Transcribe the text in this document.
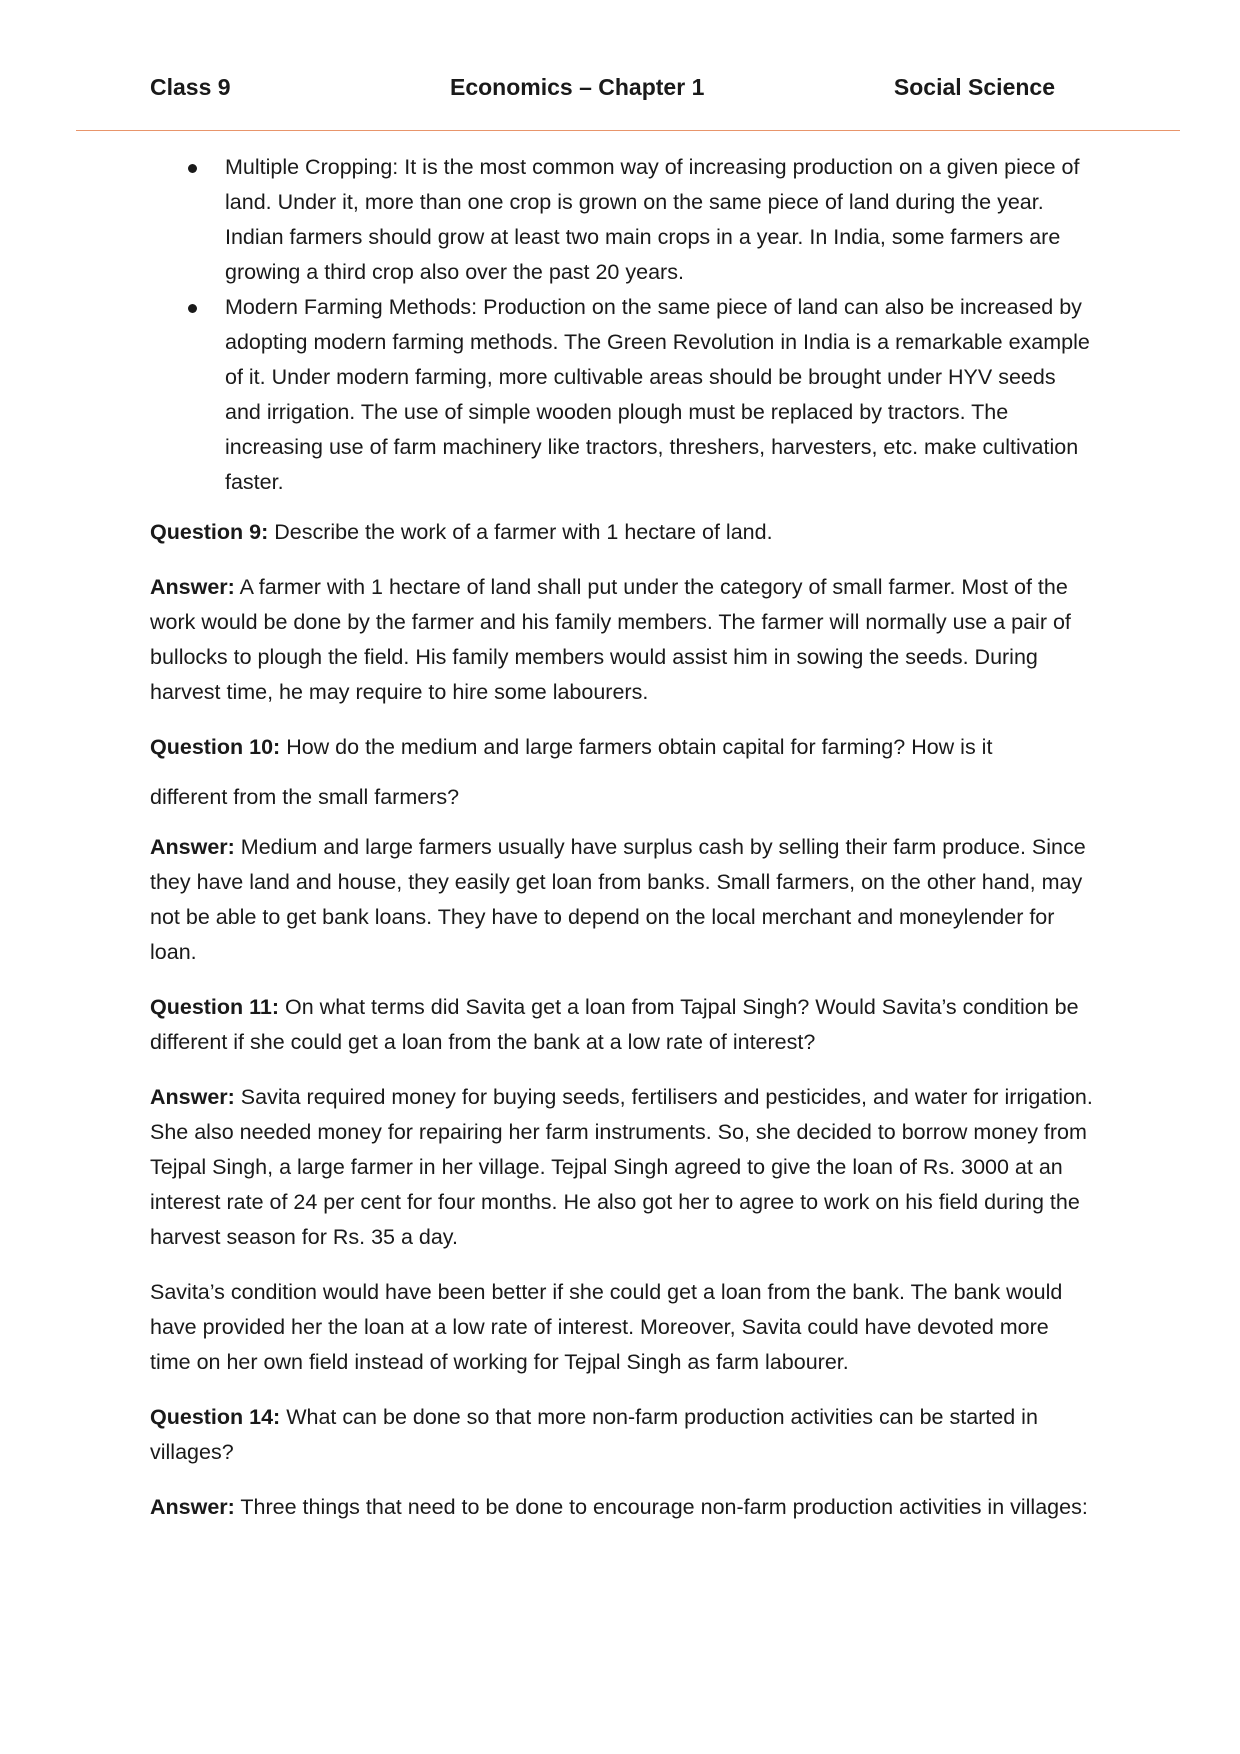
Class 9	Economics – Chapter 1	Social Science
Multiple Cropping: It is the most common way of increasing production on a given piece of land. Under it, more than one crop is grown on the same piece of land during the year. Indian farmers should grow at least two main crops in a year. In India, some farmers are growing a third crop also over the past 20 years.
Modern Farming Methods: Production on the same piece of land can also be increased by adopting modern farming methods. The Green Revolution in India is a remarkable example of it. Under modern farming, more cultivable areas should be brought under HYV seeds and irrigation. The use of simple wooden plough must be replaced by tractors. The increasing use of farm machinery like tractors, threshers, harvesters, etc. make cultivation faster.

Question 9: Describe the work of a farmer with 1 hectare of land.

Answer: A farmer with 1 hectare of land shall put under the category of small farmer. Most of the work would be done by the farmer and his family members. The farmer will normally use a pair of bullocks to plough the field. His family members would assist him in sowing the seeds. During harvest time, he may require to hire some labourers.

Question 10: How do the medium and large farmers obtain capital for farming? How is it

different from the small farmers?

Answer: Medium and large farmers usually have surplus cash by selling their farm produce. Since they have land and house, they easily get loan from banks. Small farmers, on the other hand, may not be able to get bank loans. They have to depend on the local merchant and moneylender for loan.

Question 11: On what terms did Savita get a loan from Tajpal Singh? Would Savita’s condition be different if she could get a loan from the bank at a low rate of interest?

Answer: Savita required money for buying seeds, fertilisers and pesticides, and water for irrigation. She also needed money for repairing her farm instruments. So, she decided to borrow money from Tejpal Singh, a large farmer in her village. Tejpal Singh agreed to give the loan of Rs. 3000 at an interest rate of 24 per cent for four months. He also got her to agree to work on his field during the harvest season for Rs. 35 a day.

Savita’s condition would have been better if she could get a loan from the bank. The bank would have provided her the loan at a low rate of interest. Moreover, Savita could have devoted more time on her own field instead of working for Tejpal Singh as farm labourer.

Question 14: What can be done so that more non-farm production activities can be started in villages?

Answer: Three things that need to be done to encourage non-farm production activities in villages:
